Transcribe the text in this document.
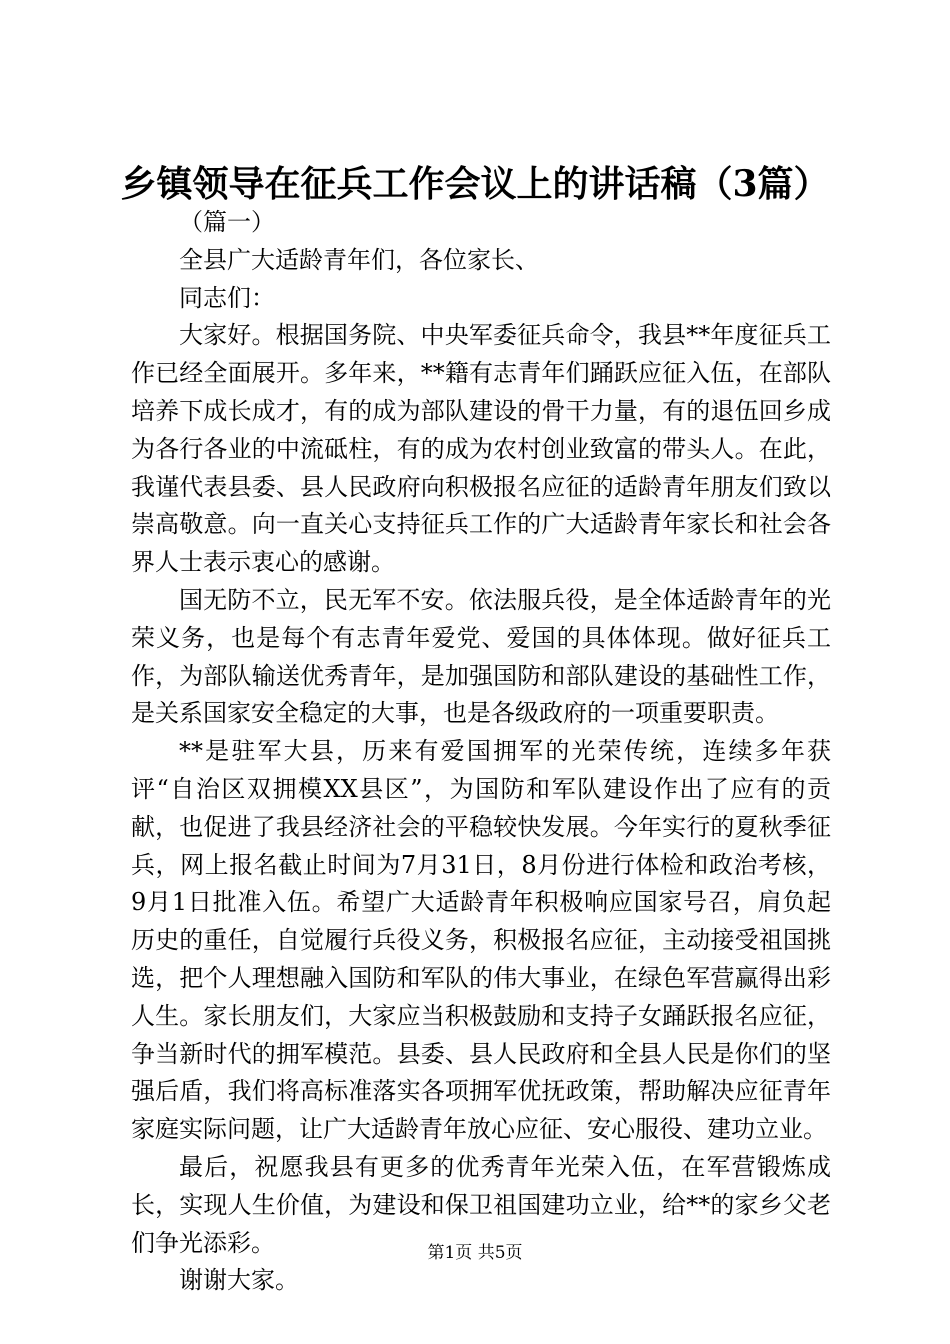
乡镇领导在征兵工作会议上的讲话稿（3篇）

（篇一）

全县广大适龄青年们，各位家长、

同志们：

大家好。根据国务院、中央军委征兵命令，我县**年度征兵工作已经全面展开。多年来，**籍有志青年们踊跃应征入伍，在部队培养下成长成才，有的成为部队建设的骨干力量，有的退伍回乡成为各行各业的中流砥柱，有的成为农村创业致富的带头人。在此，我谨代表县委、县人民政府向积极报名应征的适龄青年朋友们致以崇高敬意。向一直关心支持征兵工作的广大适龄青年家长和社会各界人士表示衷心的感谢。

国无防不立，民无军不安。依法服兵役，是全体适龄青年的光荣义务，也是每个有志青年爱党、爱国的具体体现。做好征兵工作，为部队输送优秀青年，是加强国防和部队建设的基础性工作，是关系国家安全稳定的大事，也是各级政府的一项重要职责。

**是驻军大县，历来有爱国拥军的光荣传统，连续多年获评“自治区双拥模XX县区”，为国防和军队建设作出了应有的贡献，也促进了我县经济社会的平稳较快发展。今年实行的夏秋季征兵，网上报名截止时间为7月31日，8月份进行体检和政治考核，9月1日批准入伍。希望广大适龄青年积极响应国家号召，肩负起历史的重任，自觉履行兵役义务，积极报名应征，主动接受祖国挑选，把个人理想融入国防和军队的伟大事业，在绿色军营赢得出彩人生。家长朋友们，大家应当积极鼓励和支持子女踊跃报名应征，争当新时代的拥军模范。县委、县人民政府和全县人民是你们的坚强后盾，我们将高标准落实各项拥军优抚政策，帮助解决应征青年家庭实际问题，让广大适龄青年放心应征、安心服役、建功立业。

最后，祝愿我县有更多的优秀青年光荣入伍，在军营锻炼成长，实现人生价值，为建设和保卫祖国建功立业，给**的家乡父老们争光添彩。

谢谢大家。

第1页 共5页
